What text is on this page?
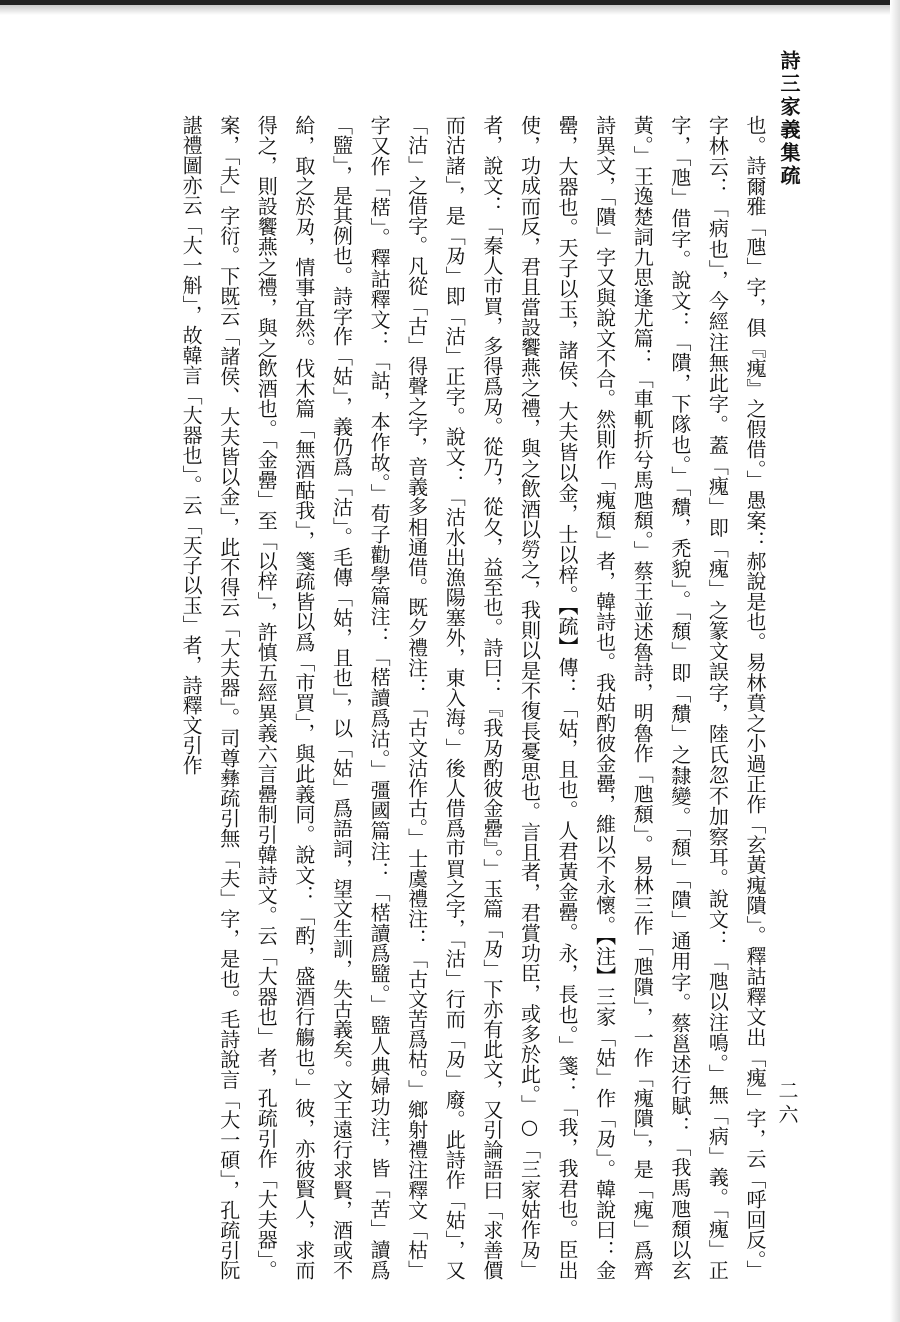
詩三家義集疏
二六
也。詩爾雅「虺」字，俱『瘣』之假借。」愚案：郝說是也。易林賁之小過正作「玄黃瘣隤」。釋詁釋文出「瘣」字，云「呼回反。」字林云：「病也」，今經注無此字。蓋「瘣」即「瘣」之篆文誤字，陸氏忽不加察耳。說文：「虺以注鳴。」無「病」義。「瘣」正字，「虺」借字。說文：「隤，下隊也。」「穨，禿貌」。「頹」即「穨」之隸變。「頹」「隤」通用字。蔡邕述行賦：「我馬虺頹以玄黃。」王逸楚詞九思逢尤篇：「車軏折兮馬虺頹。」蔡王並述魯詩，明魯作「虺頹」。易林三作「虺隤」，一作「瘣隤」，是「瘣」爲齊詩異文，「隤」字又與說文不合。然則作「瘣頹」者，韓詩也。我姑酌彼金罍，維以不永懷。【注】三家「姑」作「夃」。韓說曰：金罍，大器也。天子以玉，諸侯、大夫皆以金，士以梓。【疏】傳：「姑，且也。人君黃金罍。永，長也。」箋：「我，我君也。臣出使，功成而反，君且當設饗燕之禮，與之飲酒以勞之，我則以是不復長憂思也。言且者，君賞功臣，或多於此。」○「三家姑作夃」者，說文：「秦人市買，多得爲夃。從乃，從夂，益至也。詩曰：『我夃酌彼金罍』。」玉篇「夃」下亦有此文，又引論語曰「求善價而沽諸」，是「夃」即「沽」正字。說文：「沽水出漁陽塞外，東入海。」後人借爲市買之字，「沽」行而「夃」廢。此詩作「姑」，又「沽」之借字。凡從「古」得聲之字，音義多相通借。既夕禮注：「古文沽作古。」士虞禮注：「古文苦爲枯。」鄉射禮注釋文「枯」字又作「楛」。釋詁釋文：「詁，本作故。」荀子勸學篇注：「楛讀爲沽。」彊國篇注：「楛讀爲盬。」盬人典婦功注，皆「苦」讀爲「盬」，是其例也。詩字作「姑」，義仍爲「沽」。毛傳「姑，且也」，以「姑」爲語詞，望文生訓，失古義矣。文王遠行求賢，酒或不給，取之於夃，情事宜然。伐木篇「無酒酤我」，箋疏皆以爲「市買」，與此義同。說文：「酌，盛酒行觴也。」彼，亦彼賢人，求而得之，則設饗燕之禮，與之飲酒也。「金罍」至「以梓」，許慎五經異義六言罍制引韓詩文。云「大器也」者，孔疏引作「大夫器」。案，「夫」字衍。下既云「諸侯、大夫皆以金」，此不得云「大夫器」。司尊彝疏引無「夫」字，是也。毛詩說言「大一碩」，孔疏引阮諶禮圖亦云「大一斛」，故韓言「大器也」。云「天子以玉」者，詩釋文引作
